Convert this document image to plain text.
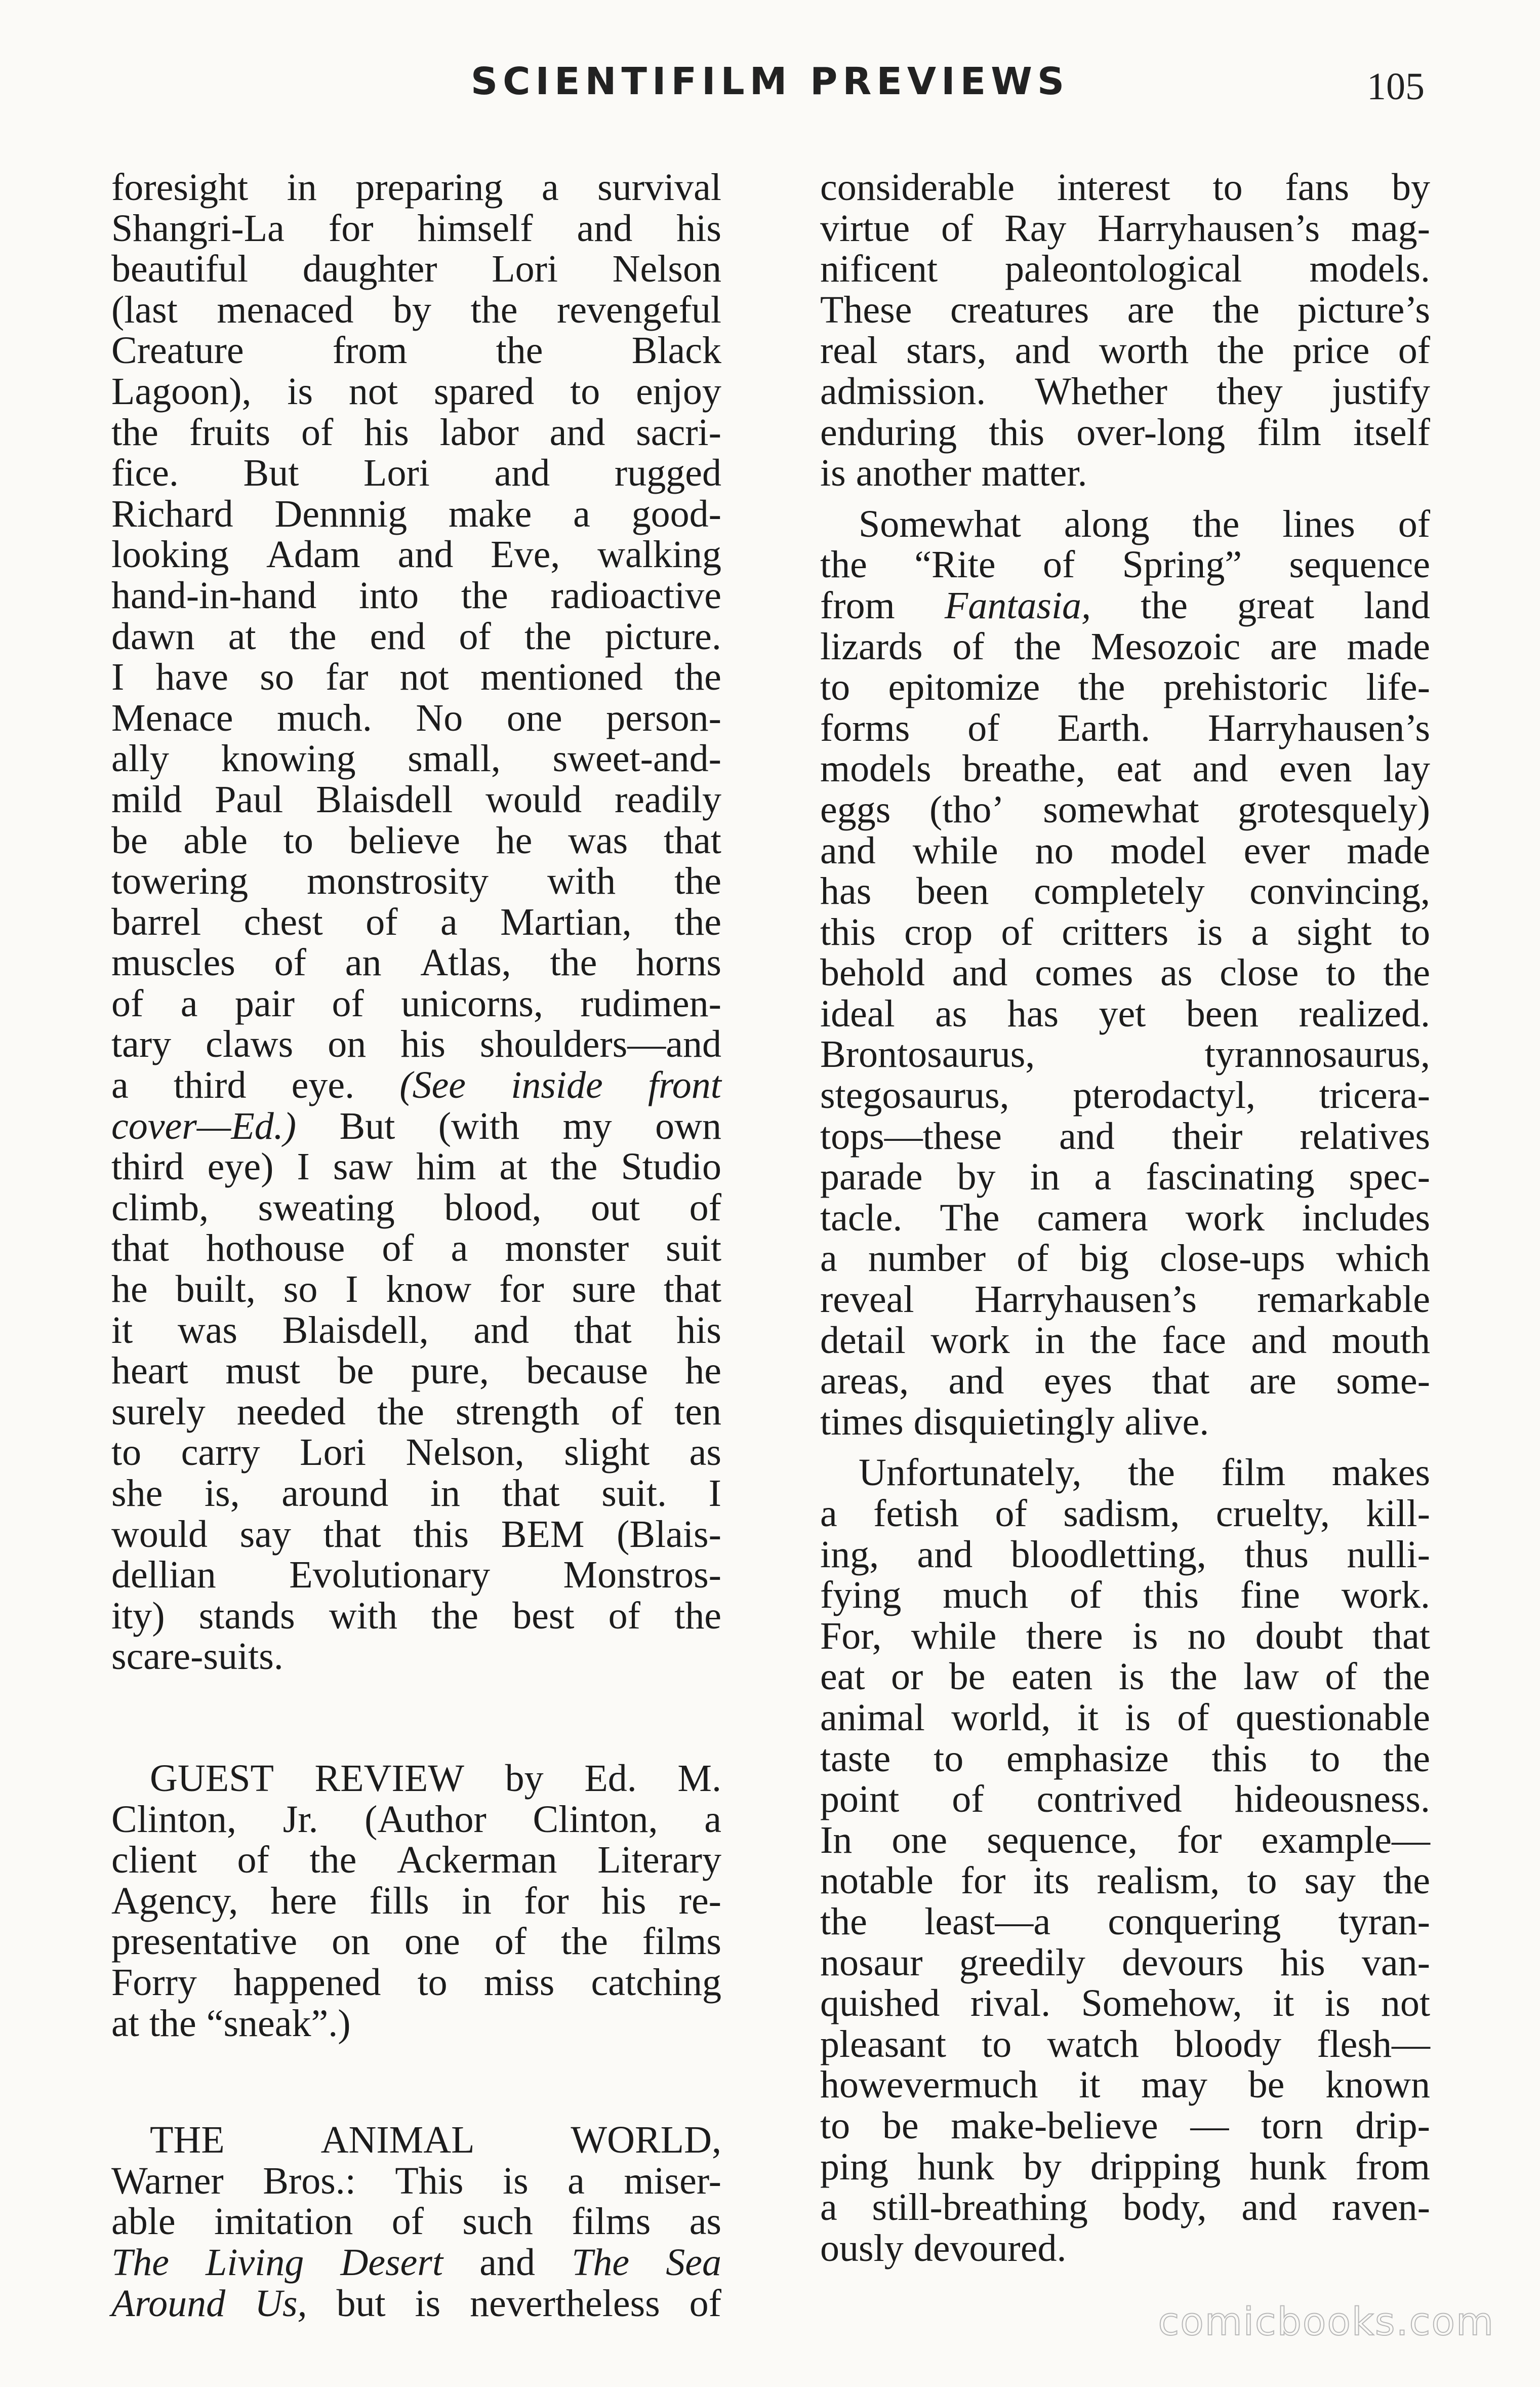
SCIENTIFILM PREVIEWS	105
foresight in preparing a survival
Shangri-La for himself and his
beautiful daughter Lori Nelson
(last menaced by the revengeful
Creature from the Black
Lagoon), is not spared to enjoy
the fruits of his labor and sacri-
fice. But Lori and rugged
Richard Dennnig make a good-
looking Adam and Eve, walking
hand-in-hand into the radioactive
dawn at the end of the picture.
I have so far not mentioned the
Menace much. No one person-
ally knowing small, sweet-and-
mild Paul Blaisdell would readily
be able to believe he was that
towering monstrosity with the
barrel chest of a Martian, the
muscles of an Atlas, the horns
of a pair of unicorns, rudimen-
tary claws on his shoulders—and
a third eye. (See inside front
cover—Ed.) But (with my own
third eye) I saw him at the Studio
climb, sweating blood, out of
that hothouse of a monster suit
he built, so I know for sure that
it was Blaisdell, and that his
heart must be pure, because he
surely needed the strength of ten
to carry Lori Nelson, slight as
she is, around in that suit. I
would say that this BEM (Blais-
dellian Evolutionary Monstros-
ity) stands with the best of the
scare-suits.
GUEST REVIEW by Ed. M.
Clinton, Jr. (Author Clinton, a
client of the Ackerman Literary
Agency, here fills in for his re-
presentative on one of the films
Forry happened to miss catching
at the “sneak”.)
THE ANIMAL WORLD,
Warner Bros.: This is a miser-
able imitation of such films as
The Living Desert and The Sea
Around Us, but is nevertheless of
considerable interest to fans by
virtue of Ray Harryhausen’s mag-
nificent paleontological models.
These creatures are the picture’s
real stars, and worth the price of
admission. Whether they justify
enduring this over-long film itself
is another matter.
Somewhat along the lines of
the “Rite of Spring” sequence
from Fantasia, the great land
lizards of the Mesozoic are made
to epitomize the prehistoric life-
forms of Earth. Harryhausen’s
models breathe, eat and even lay
eggs (tho’ somewhat grotesquely)
and while no model ever made
has been completely convincing,
this crop of critters is a sight to
behold and comes as close to the
ideal as has yet been realized.
Brontosaurus,	tyrannosaurus,
stegosaurus, pterodactyl, tricera-
tops—these and their relatives
parade by in a fascinating spec-
tacle. The camera work includes
a number of big close-ups which
reveal Harryhausen’s remarkable
detail work in the face and mouth
areas, and eyes that are some-
times disquietingly alive.
Unfortunately, the film makes
a fetish of sadism, cruelty, kill-
ing, and bloodletting, thus nulli-
fying much of this fine work.
For, while there is no doubt that
eat or be eaten is the law of the
animal world, it is of questionable
taste to emphasize this to the
point of contrived hideousness.
In one sequence, for example—
notable for its realism, to say the
the least—a conquering tyran-
nosaur greedily devours his van-
quished rival. Somehow, it is not
pleasant to watch bloody flesh—
howevermuch it may be known
to be make-believe — torn drip-
ping hunk by dripping hunk from
a still-breathing body, and raven-
ously devoured.
comicbooks.com
